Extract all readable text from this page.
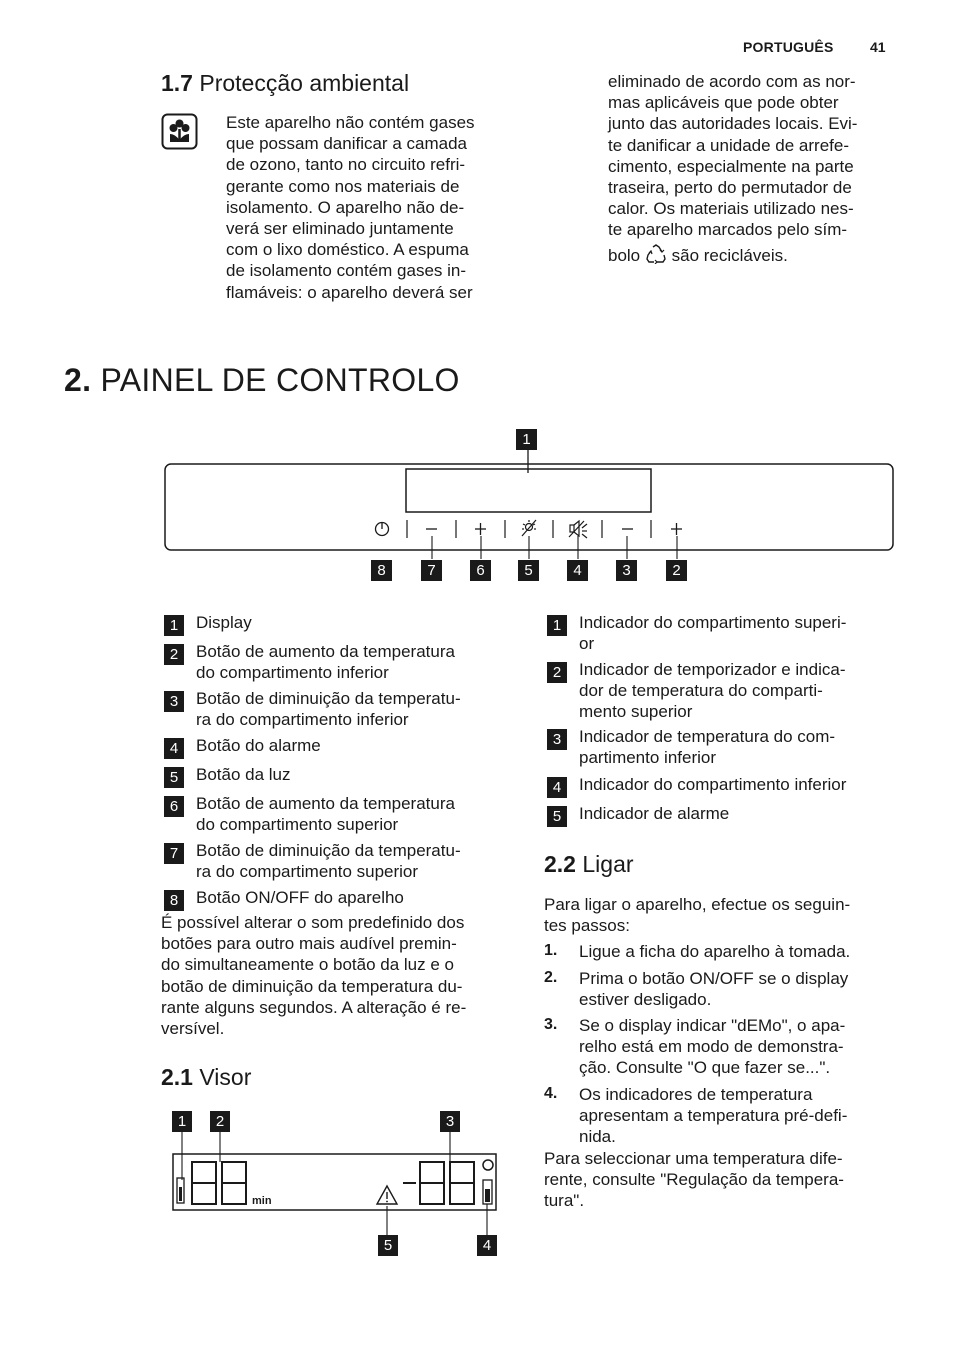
PORTUGUÊS	41
1.7 Protecção ambiental
Este aparelho não contém gases
que possam danificar a camada
de ozono, tanto no circuito refri-
gerante como nos materiais de
isolamento. O aparelho não de-
verá ser eliminado juntamente
com o lixo doméstico. A espuma
de isolamento contém gases in-
flamáveis: o aparelho deverá ser
eliminado de acordo com as nor-
mas aplicáveis que pode obter
junto das autoridades locais. Evi-
te danificar a unidade de arrefe-
cimento, especialmente na parte
traseira, perto do permutador de
calor. Os materiais utilizado nes-
te aparelho marcados pelo sím-
bolo são recicláveis.
2. PAINEL DE CONTROLO
1
8	7	6	5	4	3	2
1	Display
2	Botão de aumento da temperatura
do compartimento inferior
3	Botão de diminuição da temperatu-
ra do compartimento inferior
4	Botão do alarme
5	Botão da luz
6	Botão de aumento da temperatura
do compartimento superior
7	Botão de diminuição da temperatu-
ra do compartimento superior
8	Botão ON/OFF do aparelho
É possível alterar o som predefinido dos
botões para outro mais audível premin-
do simultaneamente o botão da luz e o
botão de diminuição da temperatura du-
rante alguns segundos. A alteração é re-
versível.
2.1 Visor
min
1	2	3
5	4
1	Indicador do compartimento superi-
or
2	Indicador de temporizador e indica-
dor de temperatura do comparti-
mento superior
3	Indicador de temperatura do com-
partimento inferior
4	Indicador do compartimento inferior
5	Indicador de alarme
2.2 Ligar
Para ligar o aparelho, efectue os seguin-
tes passos:
1. Ligue a ficha do aparelho à tomada.
2. Prima o botão ON/OFF se o display
estiver desligado.
3. Se o display indicar "dEMo", o apa-
relho está em modo de demonstra-
ção. Consulte "O que fazer se...".
4. Os indicadores de temperatura
apresentam a temperatura pré-defi-
nida.
Para seleccionar uma temperatura dife-
rente, consulte "Regulação da tempera-
tura".
